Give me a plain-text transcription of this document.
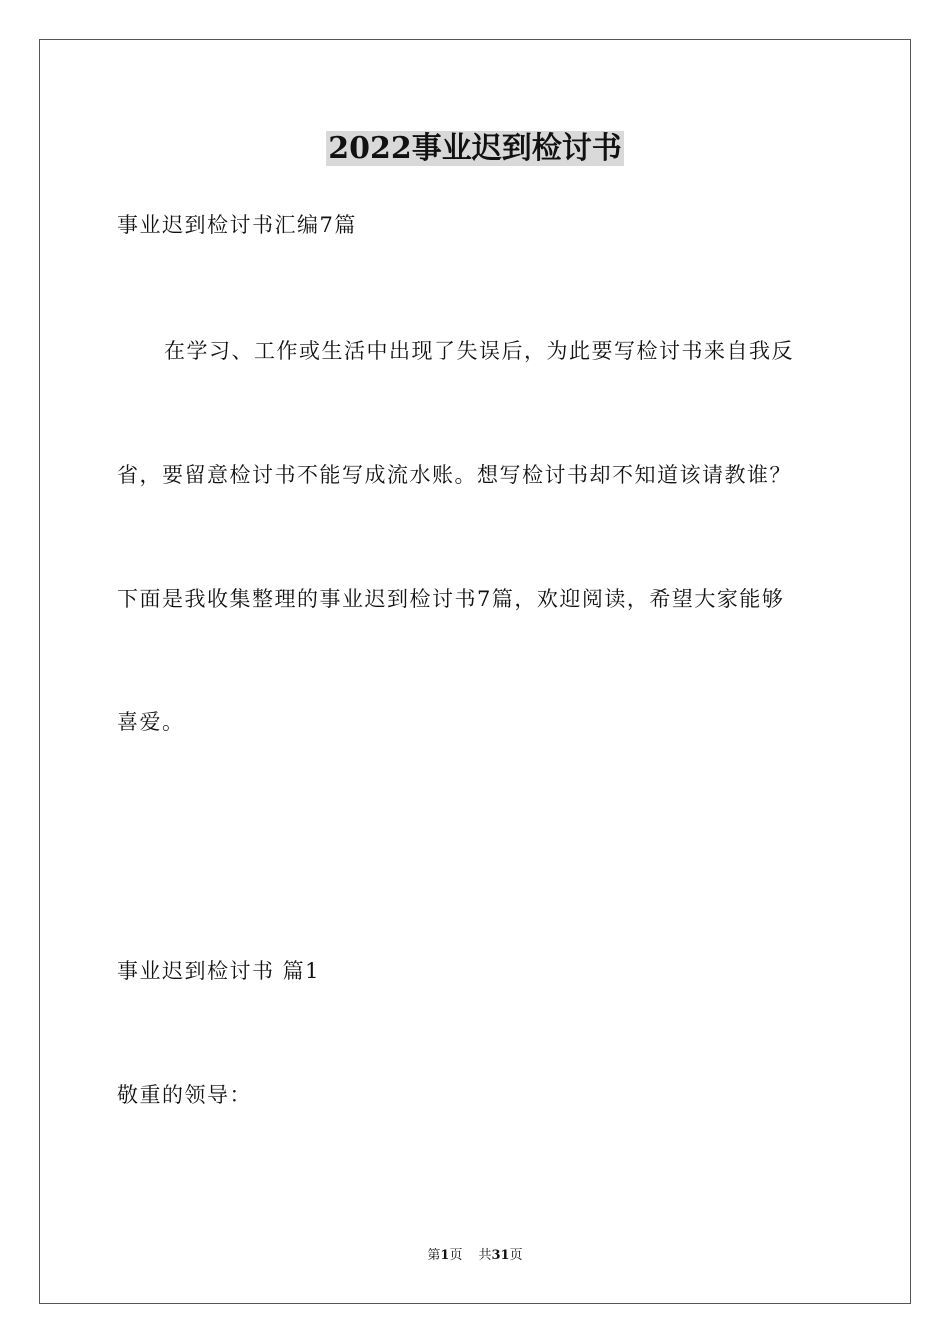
2022事业迟到检讨书
事业迟到检讨书汇编7篇
在学习、工作或生活中出现了失误后，为此要写检讨书来自我反
省，要留意检讨书不能写成流水账。想写检讨书却不知道该请教谁？
下面是我收集整理的事业迟到检讨书7篇，欢迎阅读，希望大家能够
喜爱。
事业迟到检讨书 篇1
敬重的领导：
第1页 共31页
